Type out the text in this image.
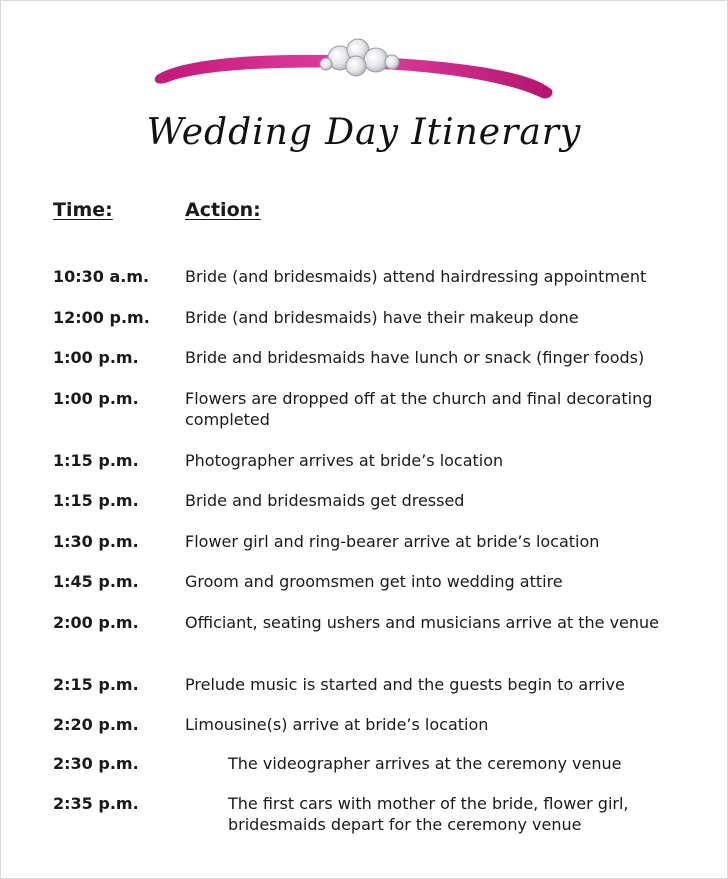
Wedding Day Itinerary
Time:	Action:
10:30 a.m. Bride (and bridesmaids) attend hairdressing appointment
12:00 p.m. Bride (and bridesmaids) have their makeup done
1:00 p.m.	Bride and bridesmaids have lunch or snack (finger foods)
1:00 p.m.	Flowers are dropped off at the church and final decorating completed
1:15 p.m.	Photographer arrives at bride’s location
1:15 p.m.	Bride and bridesmaids get dressed
1:30 p.m.	Flower girl and ring-bearer arrive at bride’s location
1:45 p.m.	Groom and groomsmen get into wedding attire
2:00 p.m.	Officiant, seating ushers and musicians arrive at the venue
2:15 p.m.	Prelude music is started and the guests begin to arrive
2:20 p.m.	Limousine(s) arrive at bride’s location
2:30 p.m.	The videographer arrives at the ceremony venue
2:35 p.m.	The first cars with mother of the bride, flower girl, bridesmaids depart for the ceremony venue
